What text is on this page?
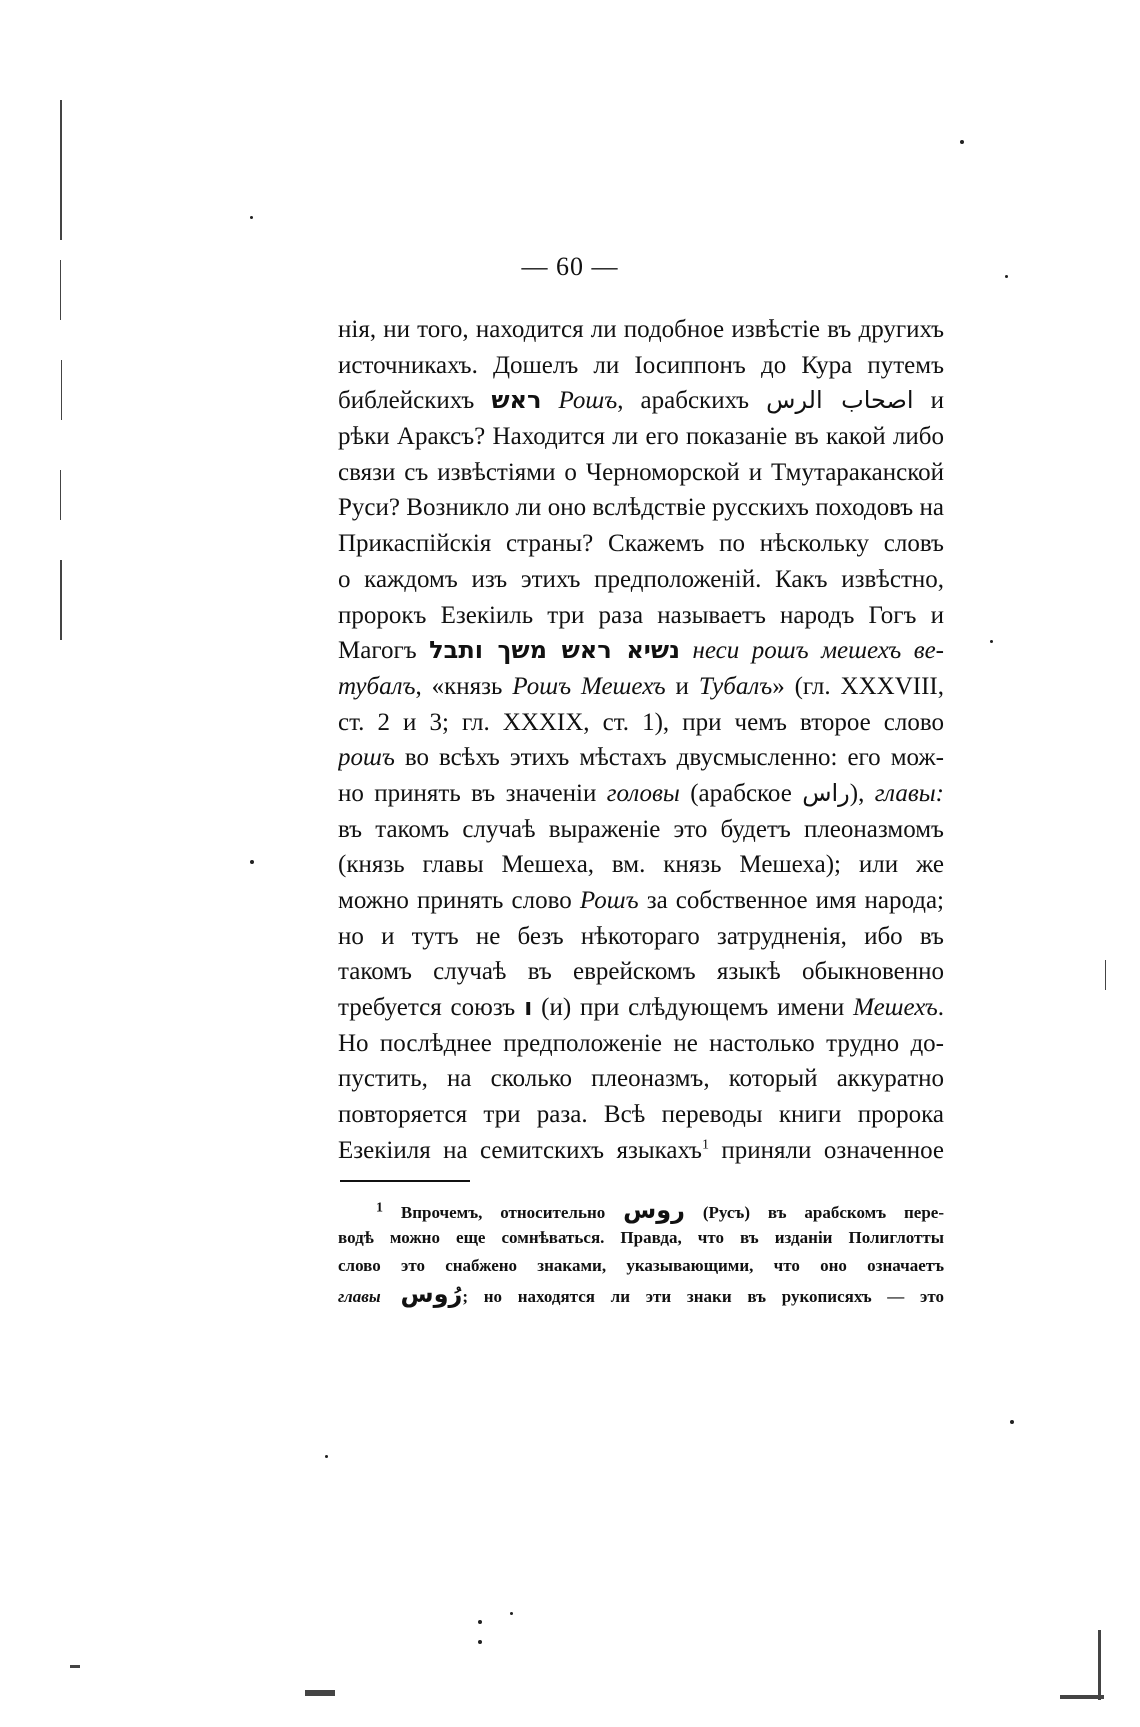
— 60 —
нія, ни того, находится ли подобное извѣстіе въ другихъ
источникахъ. Дошелъ ли Іосиппонъ до Кура путемъ
библейскихъ ראש Рошъ, арабскихъ اصحاب الرس и
рѣки Араксъ? Находится ли его показаніе въ какой либо
связи съ извѣстіями о Черноморской и Тмутараканской
Руси? Возникло ли оно вслѣдствіе русскихъ походовъ на
Прикаспійскія страны? Скажемъ по нѣскольку словъ
о каждомъ изъ этихъ предположеній. Какъ извѣстно,
пророкъ Езекіиль три раза называетъ народъ Гогъ и
Магогъ נשיא ראש משך ותבל неси рошъ мешехъ ве-
тубалъ, «князь Рошъ Мешехъ и Тубалъ» (гл. XXXVIII,
ст. 2 и 3; гл. XXXIX, ст. 1), при чемъ второе слово
рошъ во всѣхъ этихъ мѣстахъ двусмысленно: его мож-
но принять въ значеніи головы (арабское راس), главы:
въ такомъ случаѣ выраженіе это будетъ плеоназмомъ
(князь главы Мешеха, вм. князь Мешеха); или же
можно принять слово Рошъ за собственное имя народа;
но и тутъ не безъ нѣкотораго затрудненія, ибо въ
такомъ случаѣ въ еврейскомъ языкѣ обыкновенно
требуется союзъ ו (и) при слѣдующемъ имени Мешехъ.
Но послѣднее предположеніе не настолько трудно до-
пустить, на сколько плеоназмъ, который аккуратно
повторяется три раза. Всѣ переводы книги пророка
Езекіиля на семитскихъ языкахъ$^1$ приняли означенное
$^1$ Впрочемъ, относительно روس (Русъ) въ арабскомъ пере-
водѣ можно еще сомнѣваться. Правда, что въ изданіи Полиглотты
слово это снабжено знаками, указывающими, что оно означаетъ
главы رُوس; но находятся ли эти знаки въ рукописяхъ — это
